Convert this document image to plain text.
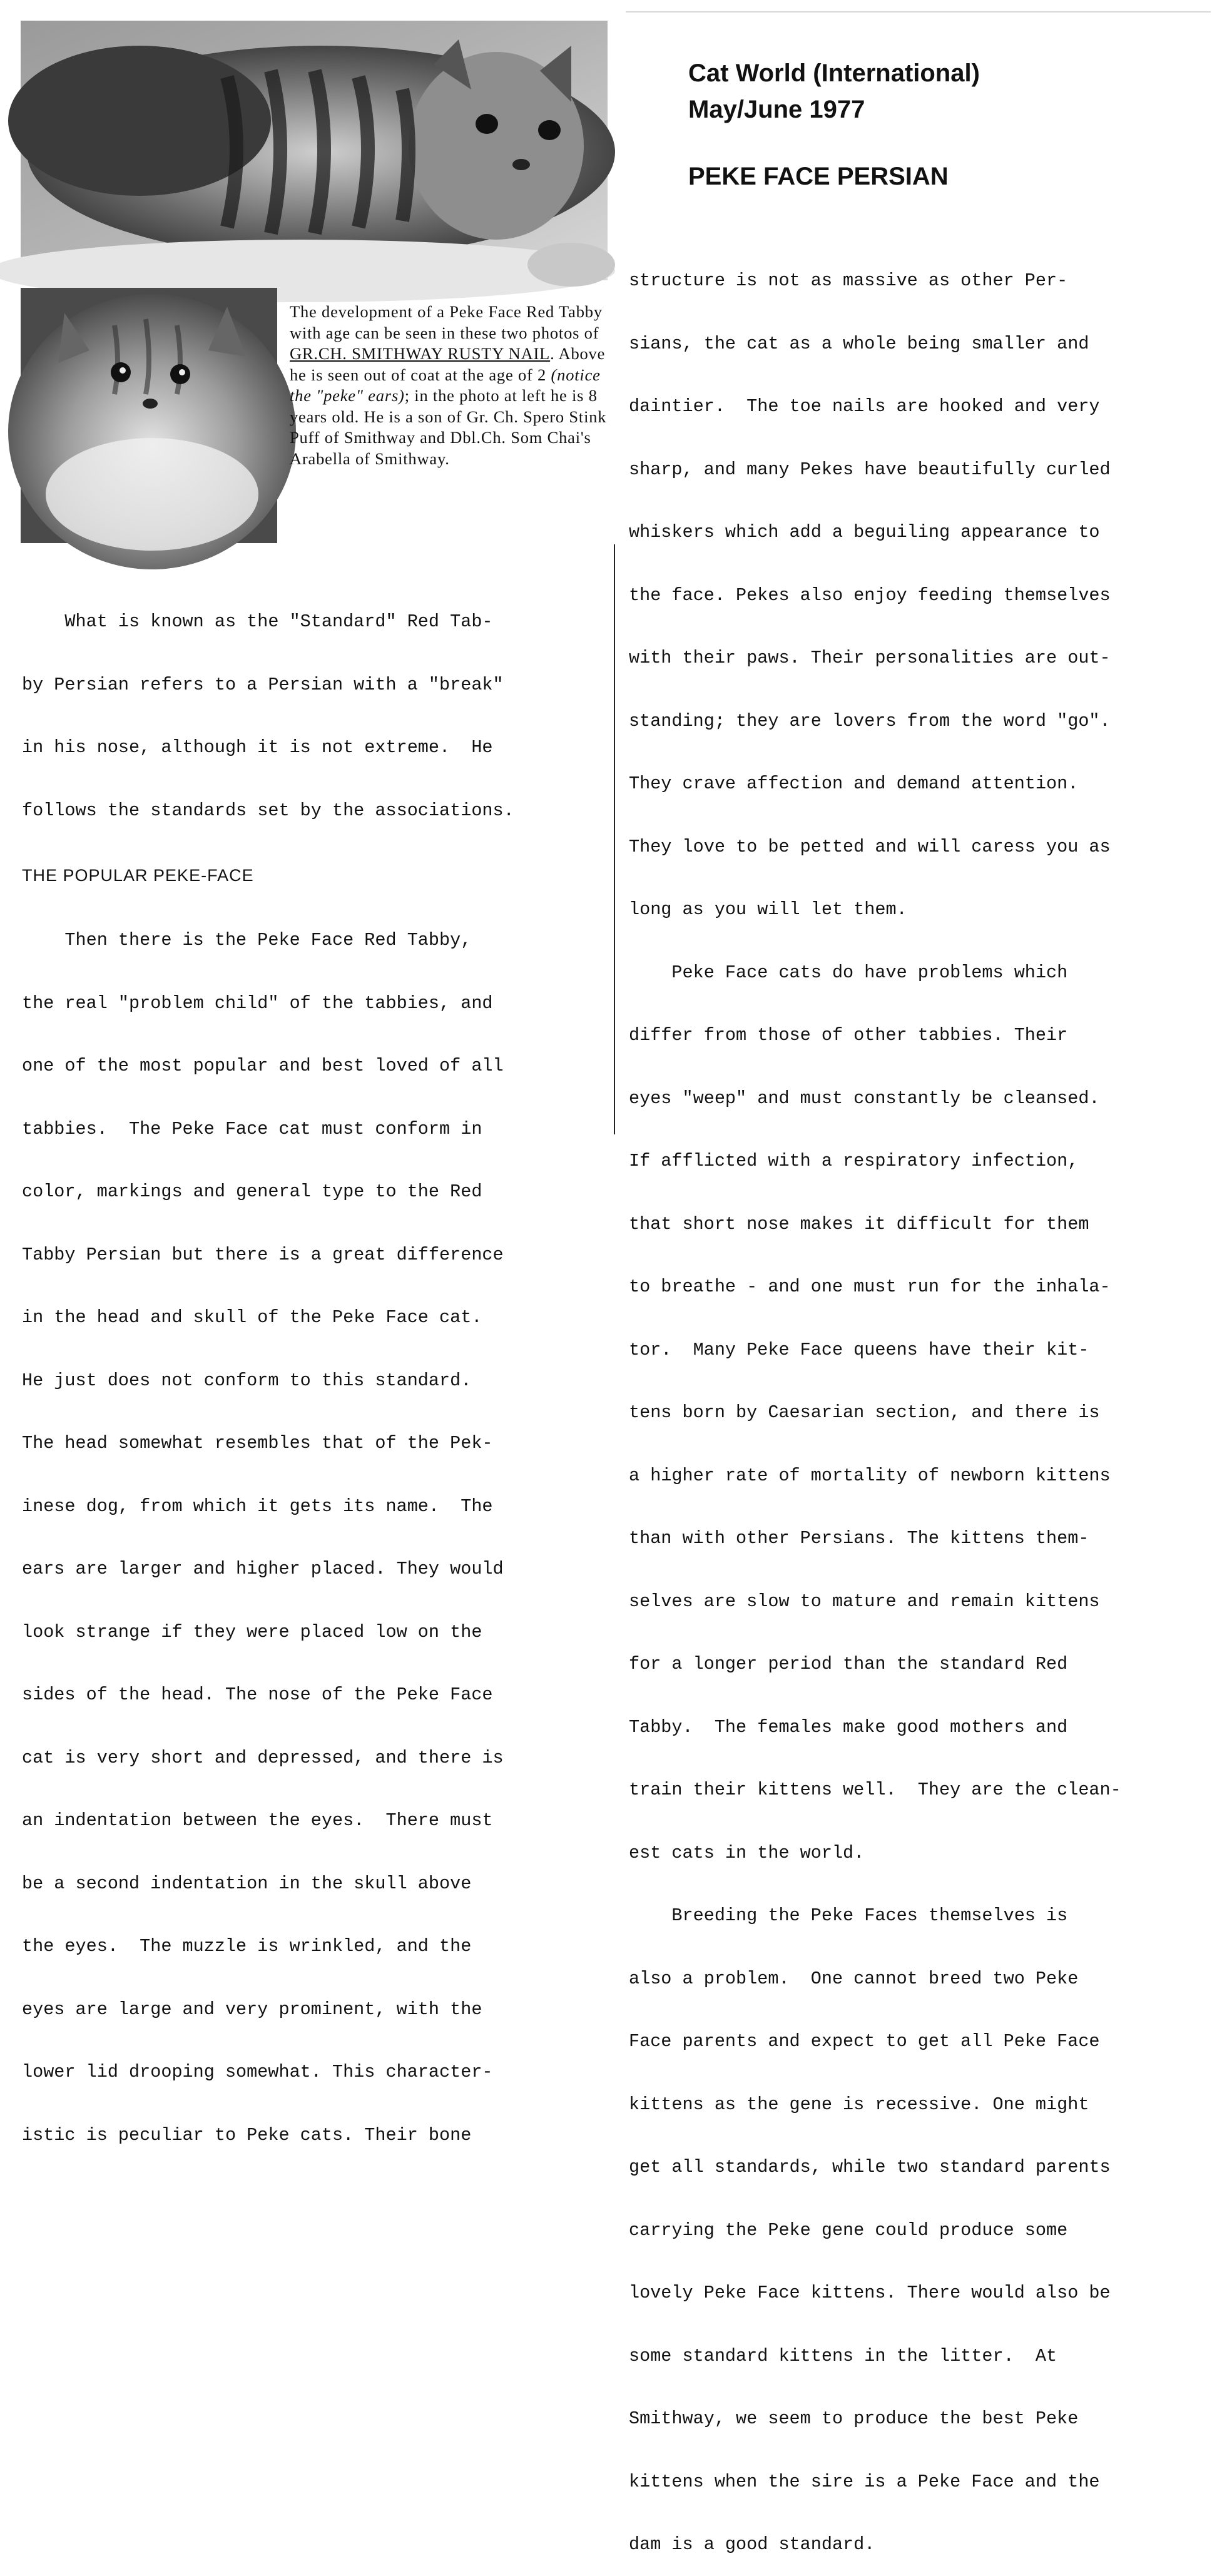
The development of a Peke Face Red Tabby with age can be seen in these two photos of GR.CH. SMITHWAY RUSTY NAIL. Above he is seen out of coat at the age of 2 (notice the "peke" ears); in the photo at left he is 8 years old. He is a son of Gr. Ch. Spero Stink Puff of Smithway and Dbl.Ch. Som Chai's Arabella of Smithway.
Cat World (International)
May/June 1977
PEKE FACE PERSIAN

What is known as the "Standard" Red Tab-

by Persian refers to a Persian with a "break"

in his nose, although it is not extreme.  He

follows the standards set by the associations.

THE POPULAR PEKE-FACE

Then there is the Peke Face Red Tabby,

the real "problem child" of the tabbies, and

one of the most popular and best loved of all

tabbies.  The Peke Face cat must conform in

color, markings and general type to the Red

Tabby Persian but there is a great difference

in the head and skull of the Peke Face cat.

He just does not conform to this standard.

The head somewhat resembles that of the Pek-

inese dog, from which it gets its name.  The

ears are larger and higher placed. They would

look strange if they were placed low on the

sides of the head. The nose of the Peke Face

cat is very short and depressed, and there is

an indentation between the eyes.  There must

be a second indentation in the skull above

the eyes.  The muzzle is wrinkled, and the

eyes are large and very prominent, with the

lower lid drooping somewhat. This character-

istic is peculiar to Peke cats. Their bone

structure is not as massive as other Per-

sians, the cat as a whole being smaller and

daintier.  The toe nails are hooked and very

sharp, and many Pekes have beautifully curled

whiskers which add a beguiling appearance to

the face. Pekes also enjoy feeding themselves

with their paws. Their personalities are out-

standing; they are lovers from the word "go".

They crave affection and demand attention.

They love to be petted and will caress you as

long as you will let them.

Peke Face cats do have problems which

differ from those of other tabbies. Their

eyes "weep" and must constantly be cleansed.

If afflicted with a respiratory infection,

that short nose makes it difficult for them

to breathe - and one must run for the inhala-

tor.  Many Peke Face queens have their kit-

tens born by Caesarian section, and there is

a higher rate of mortality of newborn kittens

than with other Persians. The kittens them-

selves are slow to mature and remain kittens

for a longer period than the standard Red

Tabby.  The females make good mothers and

train their kittens well.  They are the clean-

est cats in the world.

Breeding the Peke Faces themselves is

also a problem.  One cannot breed two Peke

Face parents and expect to get all Peke Face

kittens as the gene is recessive. One might

get all standards, while two standard parents

carrying the Peke gene could produce some

lovely Peke Face kittens. There would also be

some standard kittens in the litter.  At

Smithway, we seem to produce the best Peke

kittens when the sire is a Peke Face and the

dam is a good standard.
